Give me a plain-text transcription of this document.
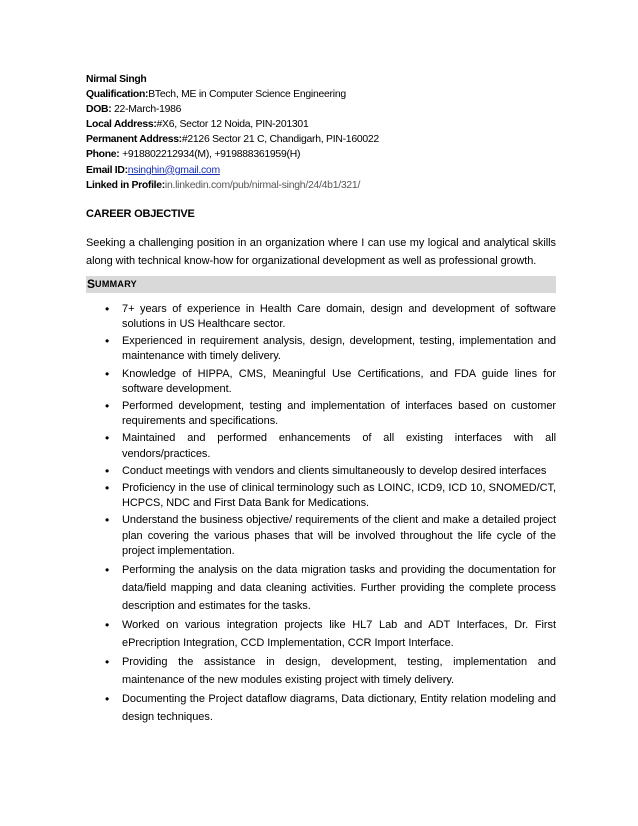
Nirmal Singh
Qualification:BTech, ME in Computer Science Engineering
DOB: 22-March-1986
Local Address:#X6, Sector 12 Noida, PIN-201301
Permanent Address:#2126 Sector 21 C, Chandigarh, PIN-160022
Phone: +918802212934(M), +919888361959(H)
Email ID:nsinghin@gmail.com
Linked in Profile:in.linkedin.com/pub/nirmal-singh/24/4b1/321/
CAREER OBJECTIVE
Seeking a challenging position in an organization where I can use my logical and analytical skills along with technical know-how for organizational development as well as professional growth.
S UMMARY
• 7+ years of experience in Health Care domain, design and development of software solutions in US Healthcare sector.
• Experienced in requirement analysis, design, development, testing, implementation and maintenance with timely delivery.
• Knowledge of HIPPA, CMS, Meaningful Use Certifications, and FDA guide lines for software development.
• Performed development, testing and implementation of interfaces based on customer requirements and specifications.
• Maintained and performed enhancements of all existing interfaces with all vendors/practices.
• Conduct meetings with vendors and clients simultaneously to develop desired interfaces
• Proficiency in the use of clinical terminology such as LOINC, ICD9, ICD 10, SNOMED/CT, HCPCS, NDC and First Data Bank for Medications.
• Understand the business objective/ requirements of the client and make a detailed project plan covering the various phases that will be involved throughout the life cycle of the project implementation.
• Performing the analysis on the data migration tasks and providing the documentation for data/field mapping and data cleaning activities. Further providing the complete process description and estimates for the tasks.
• Worked on various integration projects like HL7 Lab and ADT Interfaces, Dr. First ePrecription Integration, CCD Implementation, CCR Import Interface.
• Providing the assistance in design, development, testing, implementation and maintenance of the new modules existing project with timely delivery.
• Documenting the Project dataflow diagrams, Data dictionary, Entity relation modeling and design techniques.
